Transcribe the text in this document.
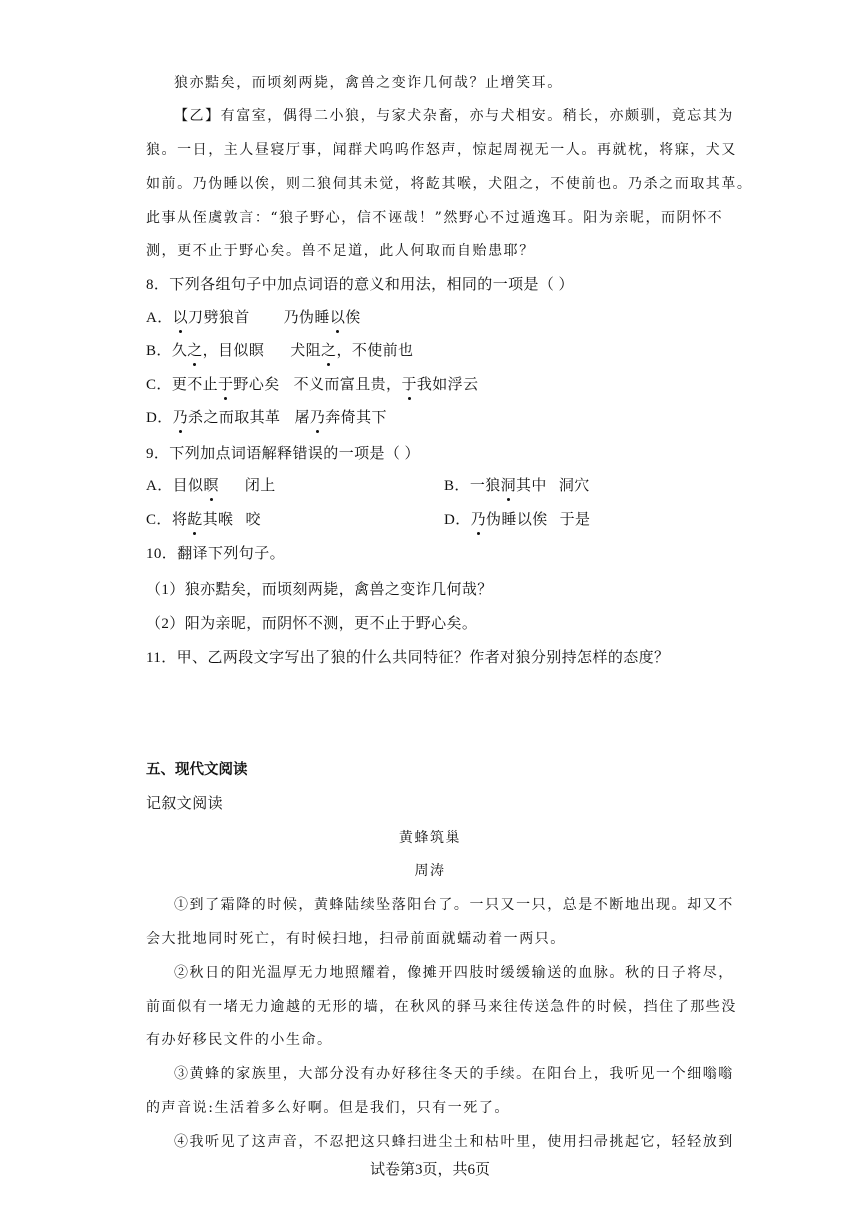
狼亦黠矣，而顷刻两毙，禽兽之变诈几何哉？止增笑耳。
【乙】有富室，偶得二小狼，与家犬杂畜，亦与犬相安。稍长，亦颇驯，竟忘其为
狼。一日，主人昼寝厅事，闻群犬呜呜作怒声，惊起周视无一人。再就枕，将寐，犬又
如前。乃伪睡以俟，则二狼伺其未觉，将龁其喉，犬阻之，不使前也。乃杀之而取其革。
此事从侄虞敦言：“狼子野心，信不诬哉！”然野心不过遁逸耳。阳为亲昵，而阴怀不
测，更不止于野心矣。兽不足道，此人何取而自贻患耶？
8．下列各组句子中加点词语的意义和用法，相同的一项是（ ）
A．以刀劈狼首 乃伪睡以俟
B．久之，目似瞑 犬阻之，不使前也
C．更不止于野心矣 不义而富且贵，于我如浮云
D．乃杀之而取其革 屠乃奔倚其下
9．下列加点词语解释错误的一项是（ ）
A．目似瞑 闭上	B．一狼洞其中 洞穴
C．将龁其喉 咬	D．乃伪睡以俟 于是
10．翻译下列句子。
（1）狼亦黠矣，而顷刻两毙，禽兽之变诈几何哉？
（2）阳为亲昵，而阴怀不测，更不止于野心矣。
11．甲、乙两段文字写出了狼的什么共同特征？作者对狼分别持怎样的态度？
五、现代文阅读
记叙文阅读
黄蜂筑巢
周涛
①到了霜降的时候，黄蜂陆续坠落阳台了。一只又一只，总是不断地出现。却又不
会大批地同时死亡，有时候扫地，扫帚前面就蠕动着一两只。
②秋日的阳光温厚无力地照耀着，像摊开四肢时缓缓输送的血脉。秋的日子将尽，
前面似有一堵无力逾越的无形的墙，在秋风的驿马来往传送急件的时候，挡住了那些没
有办好移民文件的小生命。
③黄蜂的家族里，大部分没有办好移往冬天的手续。在阳台上，我听见一个细嗡嗡
的声音说:生活着多么好啊。但是我们，只有一死了。
④我听见了这声音，不忍把这只蜂扫进尘土和枯叶里，使用扫帚挑起它，轻轻放到
试卷第3页，共6页
